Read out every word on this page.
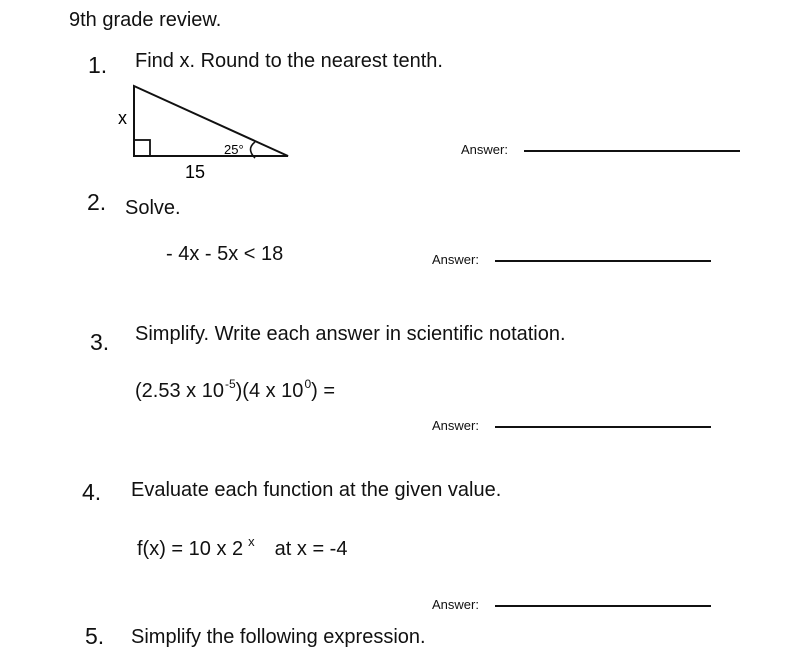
9th grade review.
1. Find x. Round to the nearest tenth.
x
15
25°	Answer:
2. Solve.
- 4x - 5x < 18	Answer:
3. Simplify. Write each answer in scientific notation.
(2.53 x $10^{-5})(4$ x $10^0$) =
Answer:
4. Evaluate each function at the given value.
f(x) = 10 x 2 $^x$ at x = -4
Answer:
5. Simplify the following expression.
